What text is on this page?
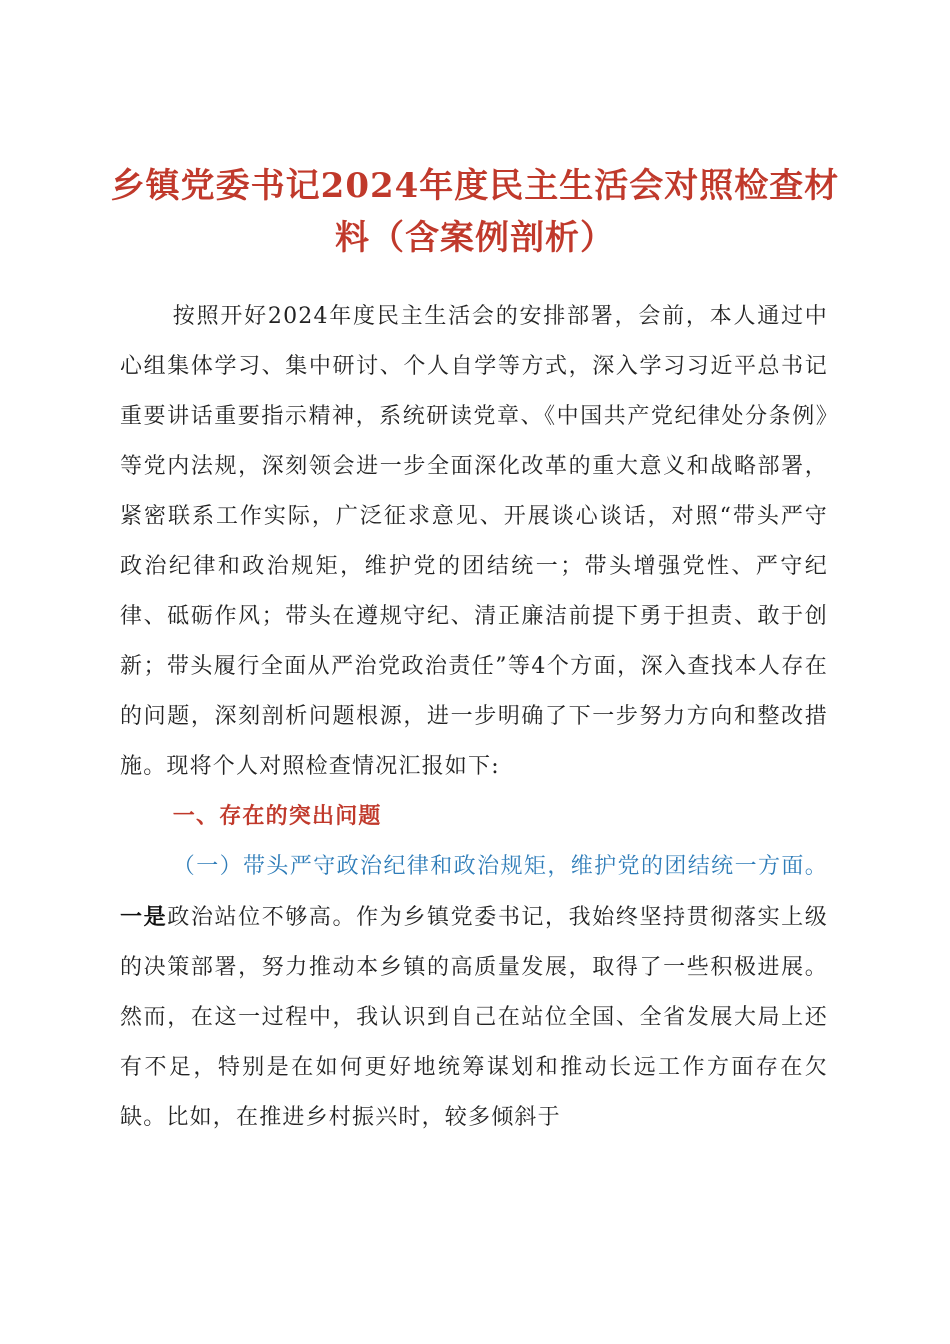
乡镇党委书记2024年度民主生活会对照检查材料（含案例剖析）

按照开好2024年度民主生活会的安排部署，会前，本人通过中心组集体学习、集中研讨、个人自学等方式，深入学习习近平总书记重要讲话重要指示精神，系统研读党章、《中国共产党纪律处分条例》等党内法规，深刻领会进一步全面深化改革的重大意义和战略部署，紧密联系工作实际，广泛征求意见、开展谈心谈话，对照“带头严守政治纪律和政治规矩，维护党的团结统一；带头增强党性、严守纪律、砥砺作风；带头在遵规守纪、清正廉洁前提下勇于担责、敢于创新；带头履行全面从严治党政治责任”等4个方面，深入查找本人存在的问题，深刻剖析问题根源，进一步明确了下一步努力方向和整改措施。现将个人对照检查情况汇报如下:

一、存在的突出问题

（一）带头严守政治纪律和政治规矩，维护党的团结统一方面。一是政治站位不够高。作为乡镇党委书记，我始终坚持贯彻落实上级的决策部署，努力推动本乡镇的高质量发展，取得了一些积极进展。然而，在这一过程中，我认识到自己在站位全国、全省发展大局上还有不足，特别是在如何更好地统筹谋划和推动长远工作方面存在欠缺。比如，在推进乡村振兴时，较多倾斜于
